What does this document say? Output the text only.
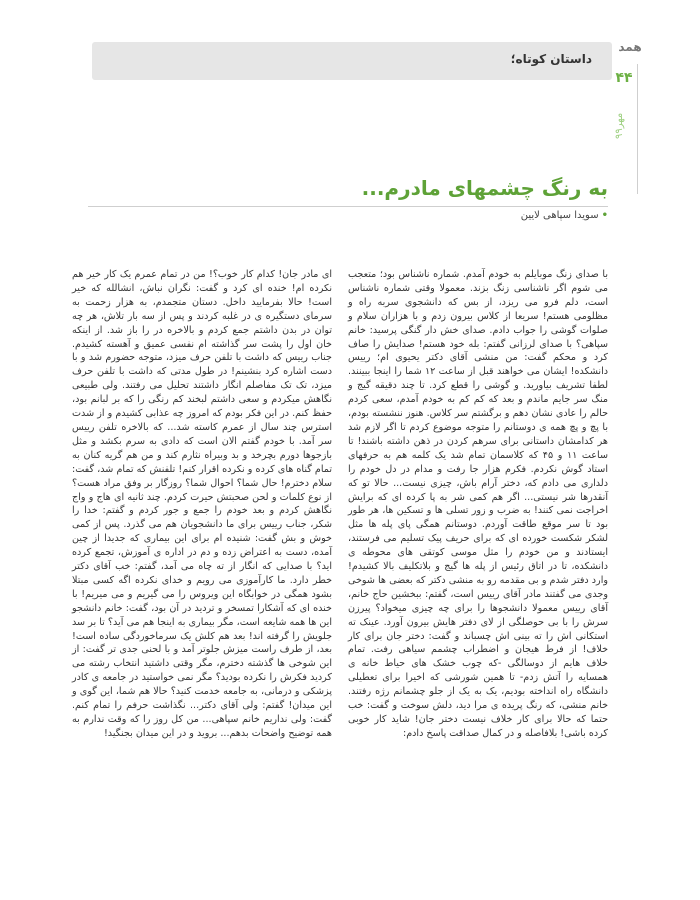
داستان کوتاه؛
همد
۴۴
مهر۹۹
به رنگ چشمهای مادرم...
•سویدا سپاهی لایین

با صدای زنگ موبایلم به خودم آمدم. شماره ناشناس بود؛ متعجب می شوم اگر ناشناسی زنگ بزند. معمولا وقتی شماره ناشناس است، دلم فرو می ریزد، از بس که دانشجوی سربه راه و مظلومی هستم! سریعا از کلاس بیرون زدم و با هزاران سلام و صلوات گوشی را جواب دادم. صدای خش دار گنگی پرسید: خانم سپاهی؟ با صدای لرزانی گفتم: بله خود هستم! صدایش را صاف کرد و محکم گفت: من منشی آقای دکتر یحیوی ام؛ رییس دانشکده! ایشان می خواهند قبل از ساعت ۱۲ شما را اینجا ببینند. لطفا تشریف بیاورید. و گوشی را قطع کرد. تا چند دقیقه گیج و منگ سر جایم ماندم و بعد که کم کم به خودم آمدم، سعی کردم حالم را عادی نشان دهم و برگشتم سر کلاس. هنوز ننشسته بودم، با پچ و پچ همه ی دوستانم را متوجه موضوع کردم تا اگر لازم شد هر کدامشان داستانی برای سرهم کردن در ذهن داشته باشند! تا ساعت ۱۱ و ۴۵ که کلاسمان تمام شد یک کلمه هم به حرفهای استاد گوش نکردم. فکرم هزار جا رفت و مدام در دل خودم را دلداری می دادم که، دختر آرام باش، چیزی نیست... حالا تو که آنقدرها شر نیستی... اگر هم کمی شر به پا کرده ای که برایش اخراجت نمی کنند! به ضرب و زور تسلی ها و تسکین ها، هر طور بود تا سر موقع طاقت آوردم. دوستانم همگی پای پله ها مثل لشکر شکست خورده ای که برای حریف پیک تسلیم می فرستند، ایستادند و من خودم را مثل موسی کوتقی های محوطه ی دانشکده، تا در اتاق رئیس از پله ها گیج و بلاتکلیف بالا کشیدم! وارد دفتر شدم و بی مقدمه رو به منشی دکتر که بعضی ها شوخی وجدی می گفتند مادر آقای رییس است، گفتم: ببخشین حاج خانم، آقای رییس معمولا دانشجوها را برای چه چیزی میخواد؟ پیرزن سرش را با بی حوصلگی از لای دفتر هایش بیرون آورد. عینک ته استکانی اش را ته بینی اش چسباند و گفت: دختر جان برای کار خلاف! از فرط هیجان و اضطراب چشمم سیاهی رفت. تمام خلاف هایم از دوسالگی -که چوب خشک های حیاط خانه ی همسایه را آتش زدم- تا همین شورشی که اخیرا برای تعطیلی دانشگاه راه انداخته بودیم، یک به یک از جلو چشمانم رژه رفتند. خانم منشی، که رنگ پریده ی مرا دید، دلش سوخت و گفت: خب حتما که حالا برای کار خلاف نیست دختر جان! شاید کار خوبی کرده باشی! بلافاصله و در کمال صداقت پاسخ دادم:

ای مادر جان! کدام کار خوب؟! من در تمام عمرم یک کار خیر هم نکرده ام! خنده ای کرد و گفت: نگران نباش، انشالله که خیر است! حالا بفرمایید داخل. دستان متجمدم، به هزار زحمت به سرمای دستگیره ی در غلبه کردند و پس از سه بار تلاش، هر چه توان در بدن داشتم جمع کردم و بالاخره در را باز شد. از اینکه خان اول را پشت سر گذاشته ام نفسی عمیق و آهسته کشیدم. جناب رییس که داشت با تلفن حرف میزد، متوجه حضورم شد و با دست اشاره کرد بنشینم! در طول مدتی که داشت با تلفن حرف میزد، تک تک مفاصلم انگار داشتند تحلیل می رفتند. ولی طبیعی نگاهش میکردم و سعی داشتم لبخند کم رنگی را که بر لبانم بود، حفظ کنم. در این فکر بودم که امروز چه عذابی کشیدم و از شدت استرس چند سال از عمرم کاسته شد... که بالاخره تلفن رییس سر آمد. با خودم گفتم الان است که دادی به سرم بکشد و مثل بازجوها دورم بچرخد و بد وبیراه نثارم کند و من هم گریه کنان به تمام گناه های کرده و نکرده اقرار کنم! تلفنش که تمام شد، گفت: سلام دخترم! حال شما؟ احوال شما؟ روزگار بر وفق مراد هست؟ از نوع کلمات و لحن صحبتش حیرت کردم. چند ثانیه ای هاج و واج نگاهش کردم و بعد خودم را جمع و جور کردم و گفتم: خدا را شکر، جناب رییس برای ما دانشجویان هم می گذرد. پس از کمی خوش و بش گفت: شنیده ام برای این بیماری که جدیدا از چین آمده، دست به اعتراض زده و دم در اداره ی آموزش، تجمع کرده اید؟ با صدایی که انگار از ته چاه می آمد، گفتم: خب آقای دکتر خطر دارد. ما کارآموزی می رویم و خدای نکرده اگه کسی مبتلا بشود همگی در خوابگاه این ویروس را می گیریم و می میریم! با خنده ای که آشکارا تمسخر و تردید در آن بود، گفت: خانم دانشجو این ها همه شایعه است، مگر بیماری به اینجا هم می آید؟ تا بر سد جلویش را گرفته اند! بعد هم کلش یک سرماخوردگی ساده است! بعد، از طرف راست میزش جلوتر آمد و با لحنی جدی تر گفت: از این شوخی ها گذشته دخترم، مگر وقتی داشتید انتخاب رشته می کردید فکرش را نکرده بودید؟ مگر نمی خواستید در جامعه ی کادر پزشکی و درمانی، به جامعه خدمت کنید؟ حالا هم شما، این گوی و این میدان! گفتم: ولی آقای دکتر... نگذاشت حرفم را تمام کنم. گفت: ولی نداریم خانم سپاهی... من کل روز را که وقت ندارم به همه توضیح واضحات بدهم... بروید و در این میدان بجنگید!
